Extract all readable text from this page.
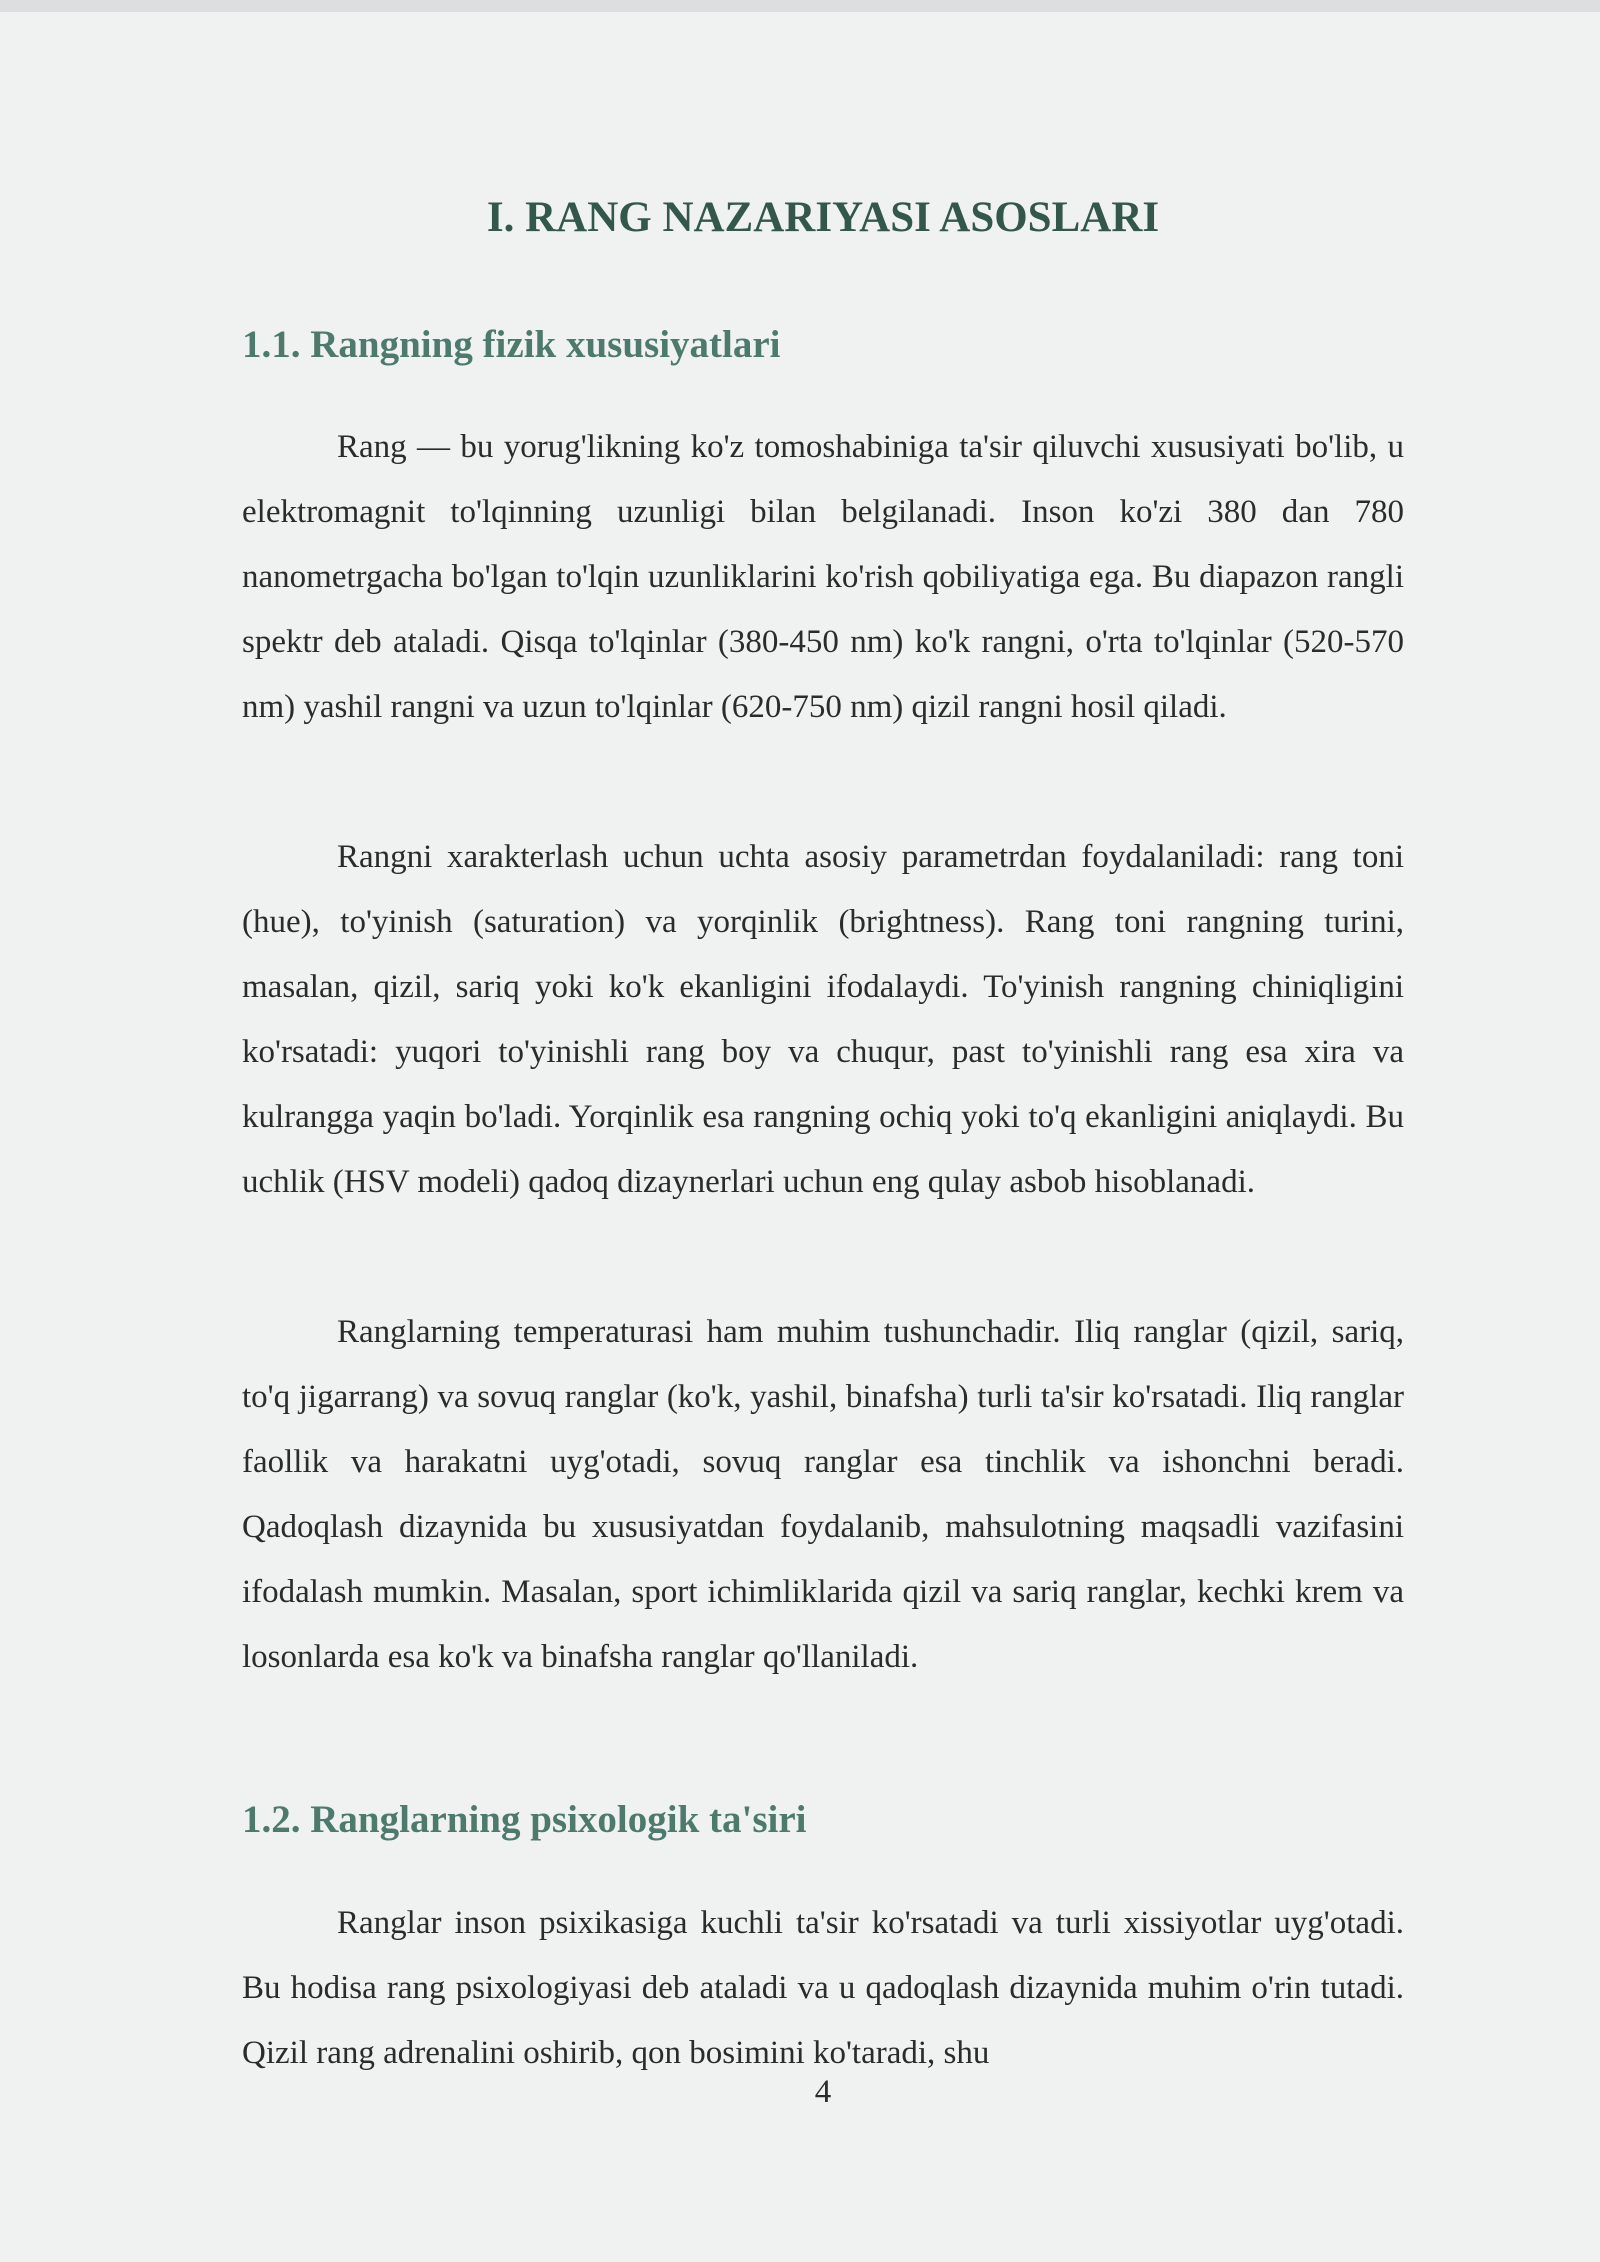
I. RANG NAZARIYASI ASOSLARI
1.1. Rangning fizik xususiyatlari

Rang — bu yorug'likning ko'z tomoshabiniga ta'sir qiluvchi xususiyati bo'lib, u elektromagnit to'lqinning uzunligi bilan belgilanadi. Inson ko'zi 380 dan 780 nanometrgacha bo'lgan to'lqin uzunliklarini ko'rish qobiliyatiga ega. Bu diapazon rangli spektr deb ataladi. Qisqa to'lqinlar (380-450 nm) ko'k rangni, o'rta to'lqinlar (520-570 nm) yashil rangni va uzun to'lqinlar (620-750 nm) qizil rangni hosil qiladi.

Rangni xarakterlash uchun uchta asosiy parametrdan foydalaniladi: rang toni (hue), to'yinish (saturation) va yorqinlik (brightness). Rang toni rangning turini, masalan, qizil, sariq yoki ko'k ekanligini ifodalaydi. To'yinish rangning chiniqligini ko'rsatadi: yuqori to'yinishli rang boy va chuqur, past to'yinishli rang esa xira va kulrangga yaqin bo'ladi. Yorqinlik esa rangning ochiq yoki to'q ekanligini aniqlaydi. Bu uchlik (HSV modeli) qadoq dizaynerlari uchun eng qulay asbob hisoblanadi.

Ranglarning temperaturasi ham muhim tushunchadir. Iliq ranglar (qizil, sariq, to'q jigarrang) va sovuq ranglar (ko'k, yashil, binafsha) turli ta'sir ko'rsatadi. Iliq ranglar faollik va harakatni uyg'otadi, sovuq ranglar esa tinchlik va ishonchni beradi. Qadoqlash dizaynida bu xususiyatdan foydalanib, mahsulotning maqsadli vazifasini ifodalash mumkin. Masalan, sport ichimliklarida qizil va sariq ranglar, kechki krem va losonlarda esa ko'k va binafsha ranglar qo'llaniladi.

1.2. Ranglarning psixologik ta'siri

Ranglar inson psixikasiga kuchli ta'sir ko'rsatadi va turli xissiyotlar uyg'otadi. Bu hodisa rang psixologiyasi deb ataladi va u qadoqlash dizaynida muhim o'rin tutadi. Qizil rang adrenalini oshirib, qon bosimini ko'taradi, shu

4
